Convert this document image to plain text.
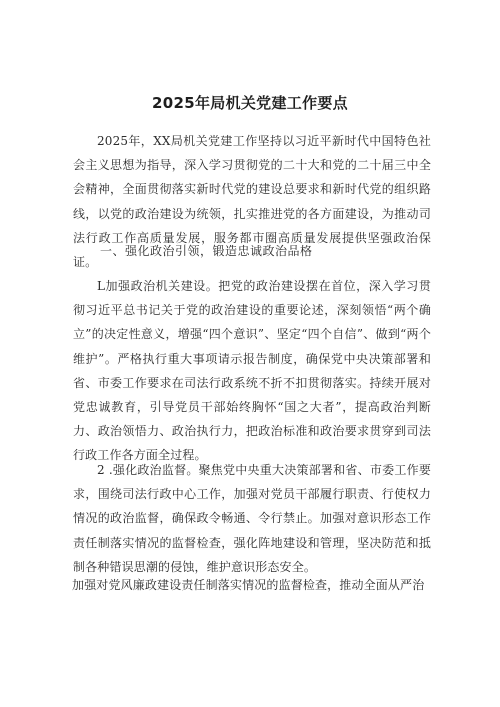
2025年局机关党建工作要点
2025年，XX局机关党建工作坚持以习近平新时代中国特色社会主义思想为指导，深入学习贯彻党的二十大和党的二十届三中全会精神，全面贯彻落实新时代党的建设总要求和新时代党的组织路线，以党的政治建设为统领，扎实推进党的各方面建设，为推动司法行政工作高质量发展，服务都市圈高质量发展提供坚强政治保证。
一、强化政治引领，锻造忠诚政治品格
L加强政治机关建设。把党的政治建设摆在首位，深入学习贯彻习近平总书记关于党的政治建设的重要论述，深刻领悟“两个确立”的决定性意义，增强“四个意识”、坚定“四个自信”、做到“两个维护”。严格执行重大事项请示报告制度，确保党中央决策部署和省、市委工作要求在司法行政系统不折不扣贯彻落实。持续开展对党忠诚教育，引导党员干部始终胸怀“国之大者”，提高政治判断力、政治领悟力、政治执行力，把政治标准和政治要求贯穿到司法行政工作各方面全过程。
2 .强化政治监督。聚焦党中央重大决策部署和省、市委工作要求，围绕司法行政中心工作，加强对党员干部履行职责、行使权力情况的政治监督，确保政令畅通、令行禁止。加强对意识形态工作责任制落实情况的监督检查，强化阵地建设和管理，坚决防范和抵制各种错误思潮的侵蚀，维护意识形态安全。
加强对党风廉政建设责任制落实情况的监督检查，推动全面从严治
